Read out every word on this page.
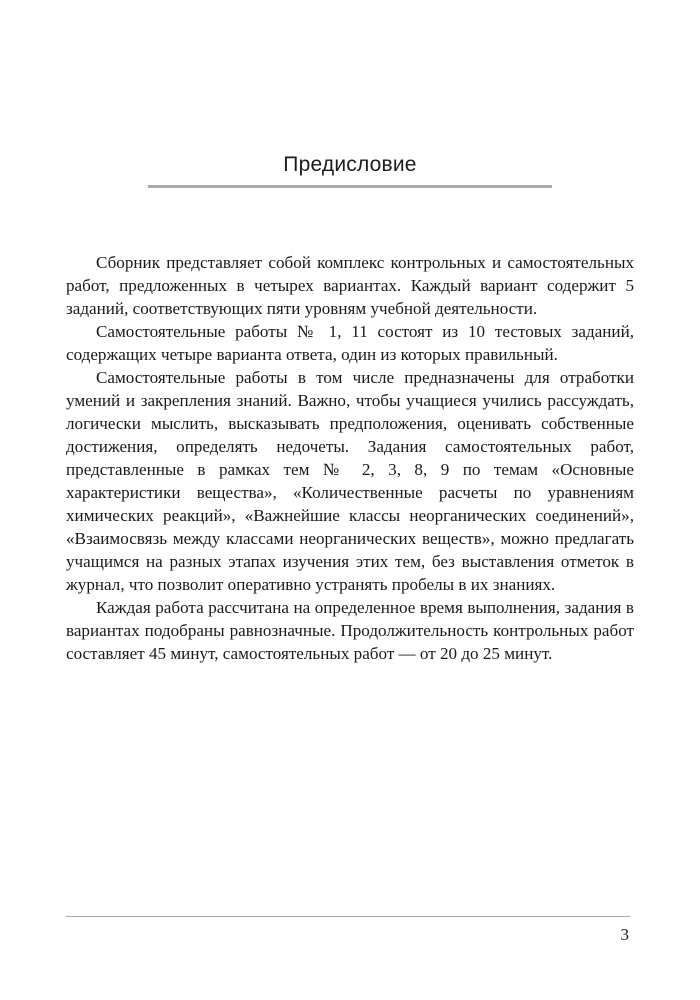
Предисловие

Сборник представляет собой комплекс контрольных и самостоятельных работ, предложенных в четырех вариантах. Каждый вариант содержит 5 заданий, соответствующих пяти уровням учебной деятельности.

Самостоятельные работы № 1, 11 состоят из 10 тестовых заданий, содержащих четыре варианта ответа, один из которых правильный.

Самостоятельные работы в том числе предназначены для отработки умений и закрепления знаний. Важно, чтобы учащиеся учились рассуждать, логически мыслить, высказывать предположения, оценивать собственные достижения, определять недочеты. Задания самостоятельных работ, представленные в рамках тем № 2, 3, 8, 9 по темам «Основные характеристики вещества», «Количественные расчеты по уравнениям химических реакций», «Важнейшие классы неорганических соединений», «Взаимосвязь между классами неорганических веществ», можно предлагать учащимся на разных этапах изучения этих тем, без выставления отметок в журнал, что позволит оперативно устранять пробелы в их знаниях.

Каждая работа рассчитана на определенное время выполнения, задания в вариантах подобраны равнозначные. Продолжительность контрольных работ составляет 45 минут, самостоятельных работ — от 20 до 25 минут.

3
